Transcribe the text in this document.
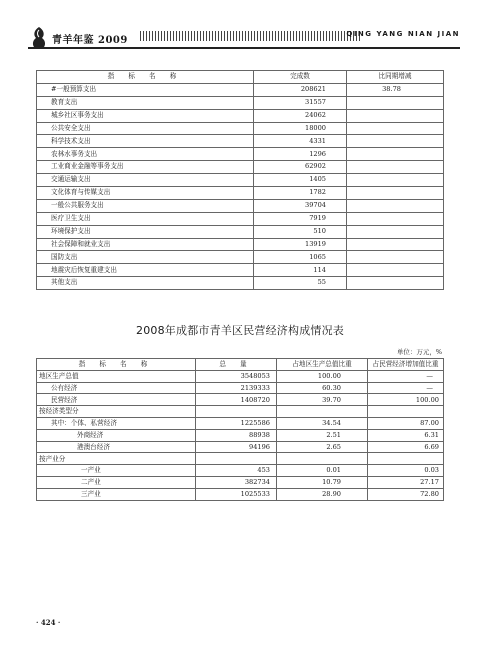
青羊年鉴 2009
QING YANG NIAN JIAN
指 标 名 称	完成数	比同期增减
#一般预算支出	208621	38.78
教育支出	31557	
城乡社区事务支出	24062	
公共安全支出	18000	
科学技术支出	4331	
农林水事务支出	1296	
工业商业金融等事务支出	62902	
交通运输支出	1405	
文化体育与传媒支出	1782	
一般公共服务支出	39704	
医疗卫生支出	7919	
环境保护支出	510	
社会保障和就业支出	13919	
国防支出	1065	
地震灾后恢复重建支出	114	
其他支出	55	
2008年成都市青羊区民营经济构成情况表
单位：万元，%
指 标 名 称	总 量	占地区生产总值比重	占民营经济增加值比重
地区生产总值	3548053	100.00	—
公有经济	2139333	60.30	—
民营经济	1408720	39.70	100.00
按经济类型分			
其中：个体、私营经济	1225586	34.54	87.00
外商经济	88938	2.51	6.31
港澳台经济	94196	2.65	6.69
按产业分			
一产业	453	0.01	0.03
二产业	382734	10.79	27.17
三产业	1025533	28.90	72.80
· 424 ·
